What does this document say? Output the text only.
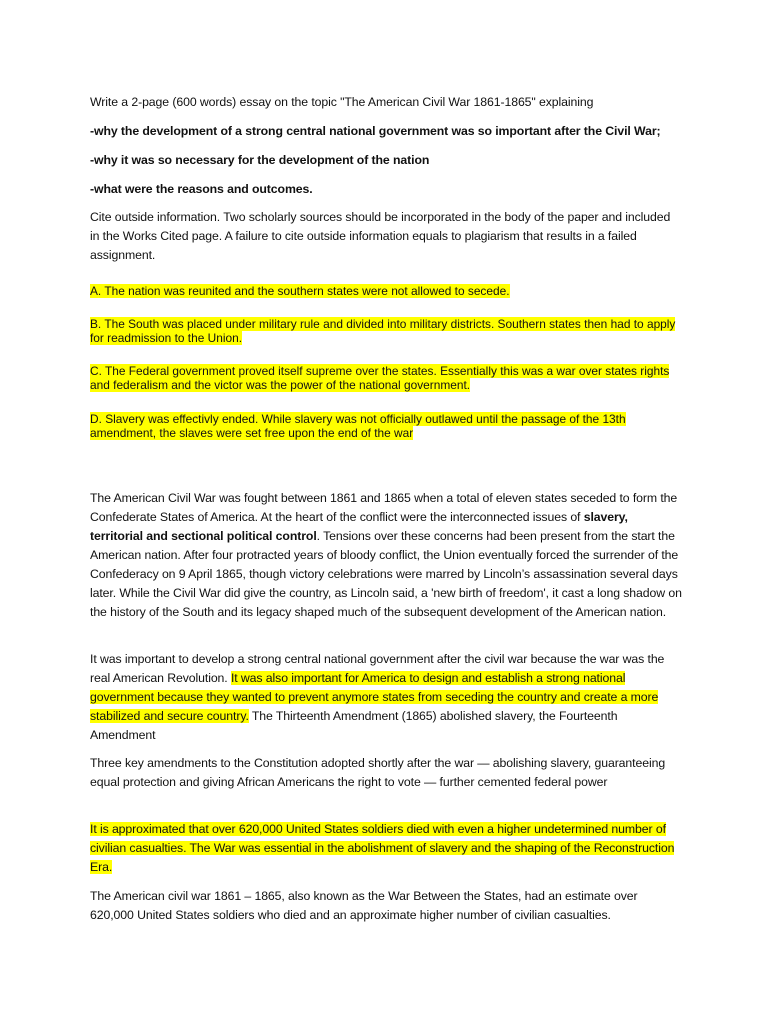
Write a 2-page (600 words) essay on the topic "The American Civil War 1861-1865" explaining

-why the development of a strong central national government was so important after the Civil War;

-why it was so necessary for the development of the nation

-what were the reasons and outcomes.

Cite outside information. Two scholarly sources should be incorporated in the body of the paper and included in the Works Cited page. A failure to cite outside information equals to plagiarism that results in a failed assignment.

A. The nation was reunited and the southern states were not allowed to secede.

B. The South was placed under military rule and divided into military districts. Southern states then had to apply for readmission to the Union.

C. The Federal government proved itself supreme over the states. Essentially this was a war over states rights and federalism and the victor was the power of the national government.

D. Slavery was effectivly ended. While slavery was not officially outlawed until the passage of the 13th amendment, the slaves were set free upon the end of the war

The American Civil War was fought between 1861 and 1865 when a total of eleven states seceded to form the Confederate States of America. At the heart of the conflict were the interconnected issues of slavery, territorial and sectional political control. Tensions over these concerns had been present from the start the American nation. After four protracted years of bloody conflict, the Union eventually forced the surrender of the Confederacy on 9 April 1865, though victory celebrations were marred by Lincoln’s assassination several days later. While the Civil War did give the country, as Lincoln said, a 'new birth of freedom', it cast a long shadow on the history of the South and its legacy shaped much of the subsequent development of the American nation.

It was important to develop a strong central national government after the civil war because the war was the real American Revolution. It was also important for America to design and establish a strong national government because they wanted to prevent anymore states from seceding the country and create a more stabilized and secure country. The Thirteenth Amendment (1865) abolished slavery, the Fourteenth Amendment

Three key amendments to the Constitution adopted shortly after the war — abolishing slavery, guaranteeing equal protection and giving African Americans the right to vote — further cemented federal power

It is approximated that over 620,000 United States soldiers died with even a higher undetermined number of civilian casualties. The War was essential in the abolishment of slavery and the shaping of the Reconstruction Era.

The American civil war 1861 – 1865, also known as the War Between the States, had an estimate over 620,000 United States soldiers who died and an approximate higher number of civilian casualties.
